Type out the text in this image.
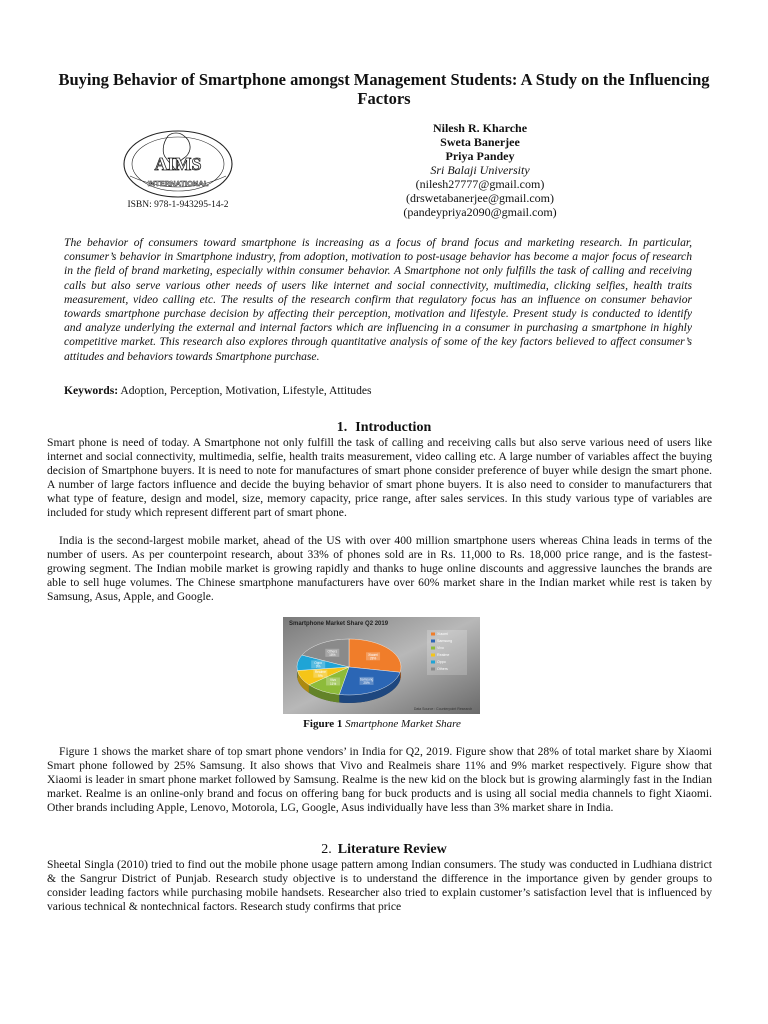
Buying Behavior of Smartphone amongst Management Students: A Study on the Influencing Factors
AIMS
INTERNATIONAL
ISBN: 978-1-943295-14-2
Nilesh R. Kharche
Sweta Banerjee
Priya Pandey
Sri Balaji University
(nilesh27777@gmail.com)
(drswetabanerjee@gmail.com)
(pandeypriya2090@gmail.com)

The behavior of consumers toward smartphone is increasing as a focus of brand focus and marketing research. In particular, consumer’s behavior in Smartphone industry, from adoption, motivation to post-usage behavior has become a major focus of research in the field of brand marketing, especially within consumer behavior. A Smartphone not only fulfills the task of calling and receiving calls but also serve various other needs of users like internet and social connectivity, multimedia, clicking selfies, health traits measurement, video calling etc. The results of the research confirm that regulatory focus has an influence on consumer behavior towards smartphone purchase decision by affecting their perception, motivation and lifestyle. Present study is conducted to identify and analyze underlying the external and internal factors which are influencing in a consumer in purchasing a smartphone in highly competitive market. This research also explores through quantitative analysis of some of the key factors believed to affect consumer’s attitudes and behaviors towards Smartphone purchase.

Keywords: Adoption, Perception, Motivation, Lifestyle, Attitudes

1. Introduction

Smart phone is need of today. A Smartphone not only fulfill the task of calling and receiving calls but also serve various need of users like internet and social connectivity, multimedia, selfie, health traits measurement, video calling etc. A large number of variables affect the buying decision of Smartphone buyers. It is need to note for manufactures of smart phone consider preference of buyer while design the smart phone. A number of large factors influence and decide the buying behavior of smart phone buyers. It is also need to consider to manufacturers that what type of feature, design and model, size, memory capacity, price range, after sales services. In this study various type of variables are included for study which represent different part of smart phone.

India is the second-largest mobile market, ahead of the US with over 400 million smartphone users whereas China leads in terms of the number of users. As per counterpoint research, about 33% of phones sold are in Rs. 11,000 to Rs. 18,000 price range, and is the fastest-growing segment. The Indian mobile market is growing rapidly and thanks to huge online discounts and aggressive launches the brands are able to sell huge volumes. The Chinese smartphone manufacturers have over 60% market share in the Indian market while rest is taken by Samsung, Asus, Apple, and Google.

Smartphone Market Share Q2 2019
Xiaomi
28%
Samsung
25%
Vivo
11%
Realme
9%
Oppo
9%
Others
18%
Xiaomi
Samsung
Vivo
Realme
Oppo
Others
Data Source : Counterpoint Research

Figure 1 Smartphone Market Share

Figure 1 shows the market share of top smart phone vendors’ in India for Q2, 2019. Figure show that 28% of total market share by Xiaomi Smart phone followed by 25% Samsung. It also shows that Vivo and Realmeis share 11% and 9% market respectively. Figure show that Xiaomi is leader in smart phone market followed by Samsung. Realme is the new kid on the block but is growing alarmingly fast in the Indian market. Realme is an online-only brand and focus on offering bang for buck products and is using all social media channels to fight Xiaomi. Other brands including Apple, Lenovo, Motorola, LG, Google, Asus individually have less than 3% market share in India.

2. Literature Review

Sheetal Singla (2010) tried to find out the mobile phone usage pattern among Indian consumers. The study was conducted in Ludhiana district & the Sangrur District of Punjab. Research study objective is to understand the difference in the importance given by gender groups to consider leading factors while purchasing mobile handsets. Researcher also tried to explain customer’s satisfaction level that is influenced by various technical & nontechnical factors. Research study confirms that price
